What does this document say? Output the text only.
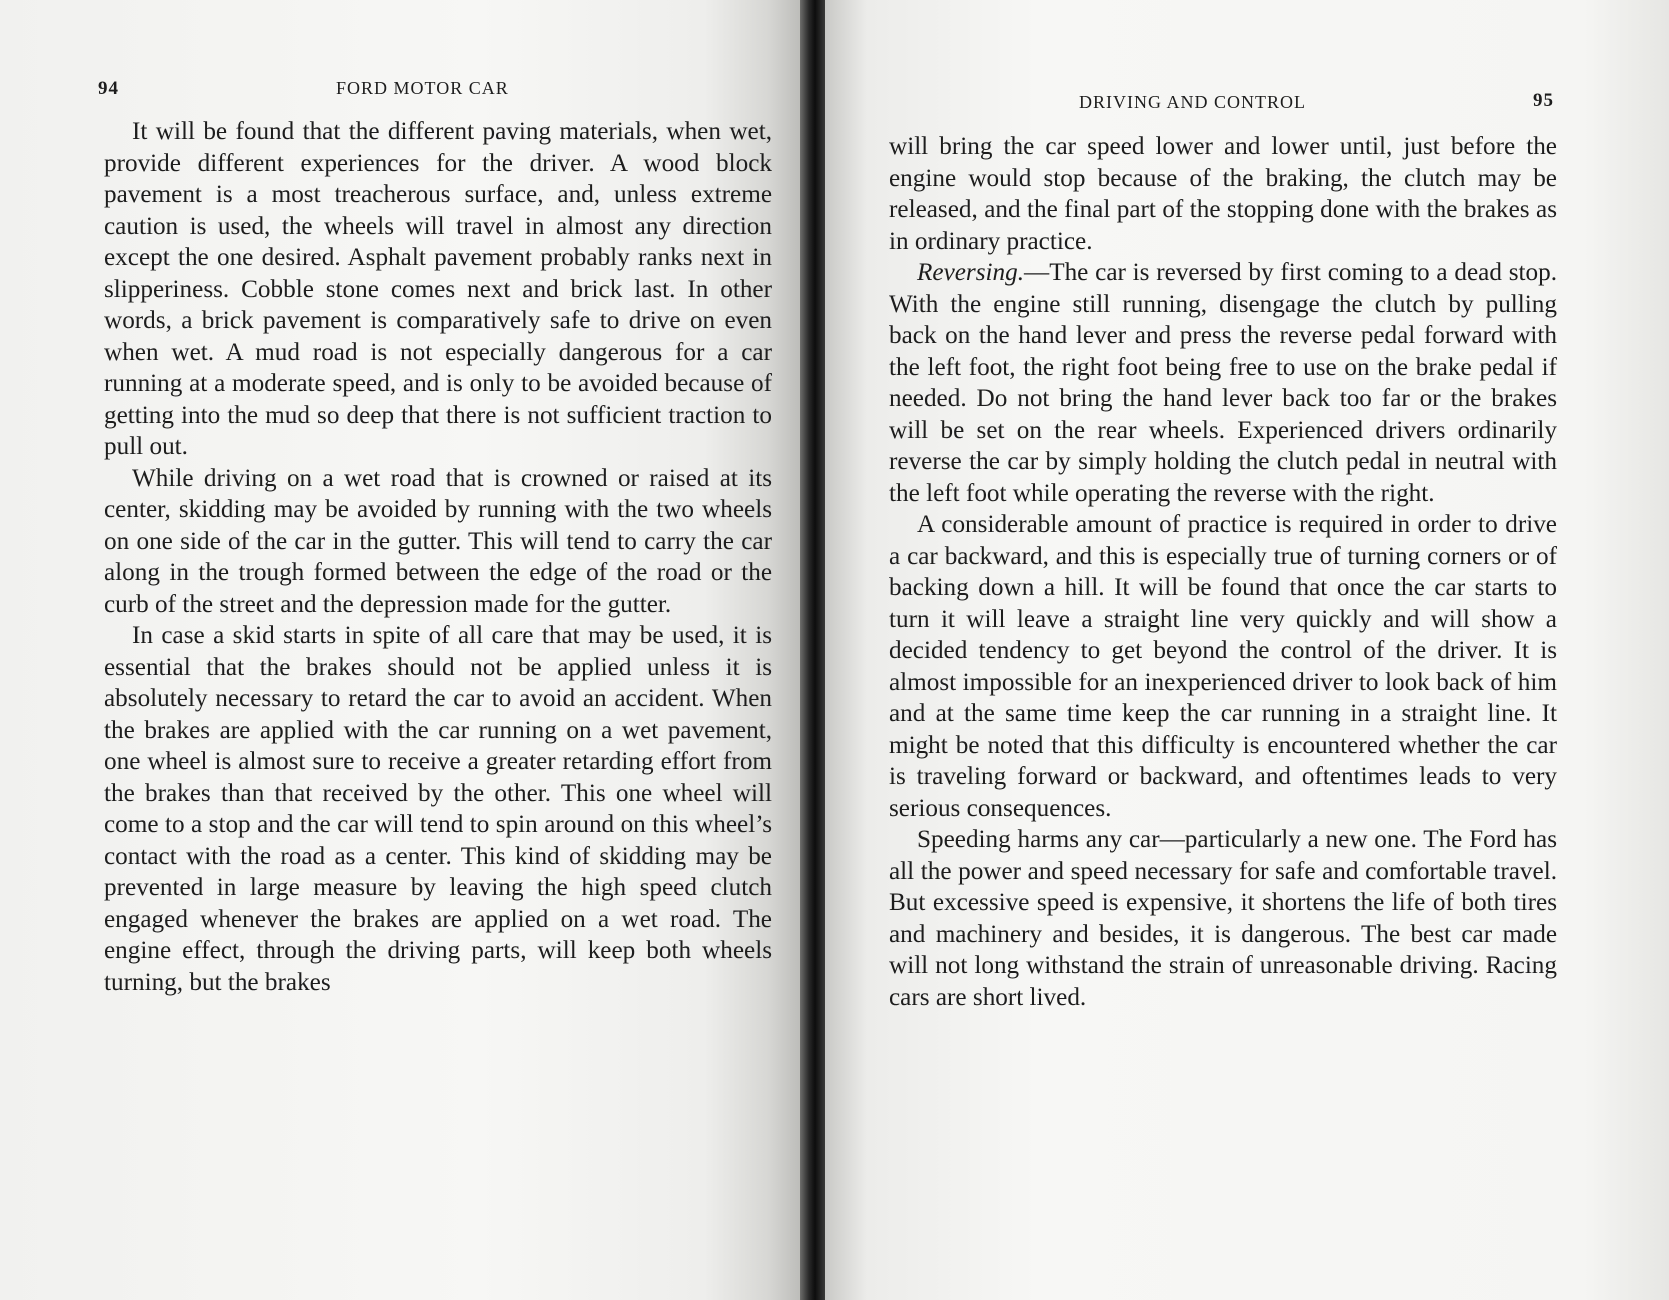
94	FORD MOTOR CAR

It will be found that the different paving materials, when wet, provide different experiences for the driver. A wood block pavement is a most treacherous surface, and, unless extreme caution is used, the wheels will travel in almost any direction except the one desired. Asphalt pavement probably ranks next in slipperiness. Cobble stone comes next and brick last. In other words, a brick pavement is comparatively safe to drive on even when wet. A mud road is not especially dangerous for a car running at a moderate speed, and is only to be avoided because of getting into the mud so deep that there is not sufficient traction to pull out.

While driving on a wet road that is crowned or raised at its center, skidding may be avoided by running with the two wheels on one side of the car in the gutter. This will tend to carry the car along in the trough formed between the edge of the road or the curb of the street and the depression made for the gutter.

In case a skid starts in spite of all care that may be used, it is essential that the brakes should not be applied unless it is absolutely necessary to retard the car to avoid an accident. When the brakes are applied with the car running on a wet pavement, one wheel is almost sure to receive a greater retarding effort from the brakes than that received by the other. This one wheel will come to a stop and the car will tend to spin around on this wheel’s contact with the road as a center. This kind of skidding may be prevented in large measure by leaving the high speed clutch engaged whenever the brakes are applied on a wet road. The engine effect, through the driving parts, will keep both wheels turning, but the brakes

DRIVING AND CONTROL	95

will bring the car speed lower and lower until, just before the engine would stop because of the braking, the clutch may be released, and the final part of the stopping done with the brakes as in ordinary practice.

Reversing.—The car is reversed by first coming to a dead stop. With the engine still running, disengage the clutch by pulling back on the hand lever and press the reverse pedal forward with the left foot, the right foot being free to use on the brake pedal if needed. Do not bring the hand lever back too far or the brakes will be set on the rear wheels. Experienced drivers ordinarily reverse the car by simply holding the clutch pedal in neutral with the left foot while operating the reverse with the right.

A considerable amount of practice is required in order to drive a car backward, and this is especially true of turning corners or of backing down a hill. It will be found that once the car starts to turn it will leave a straight line very quickly and will show a decided tendency to get beyond the control of the driver. It is almost impossible for an inexperienced driver to look back of him and at the same time keep the car running in a straight line. It might be noted that this difficulty is encountered whether the car is traveling forward or backward, and oftentimes leads to very serious consequences.

Speeding harms any car—particularly a new one. The Ford has all the power and speed necessary for safe and comfortable travel. But excessive speed is expensive, it shortens the life of both tires and machinery and besides, it is dangerous. The best car made will not long withstand the strain of unreasonable driving. Racing cars are short lived.
